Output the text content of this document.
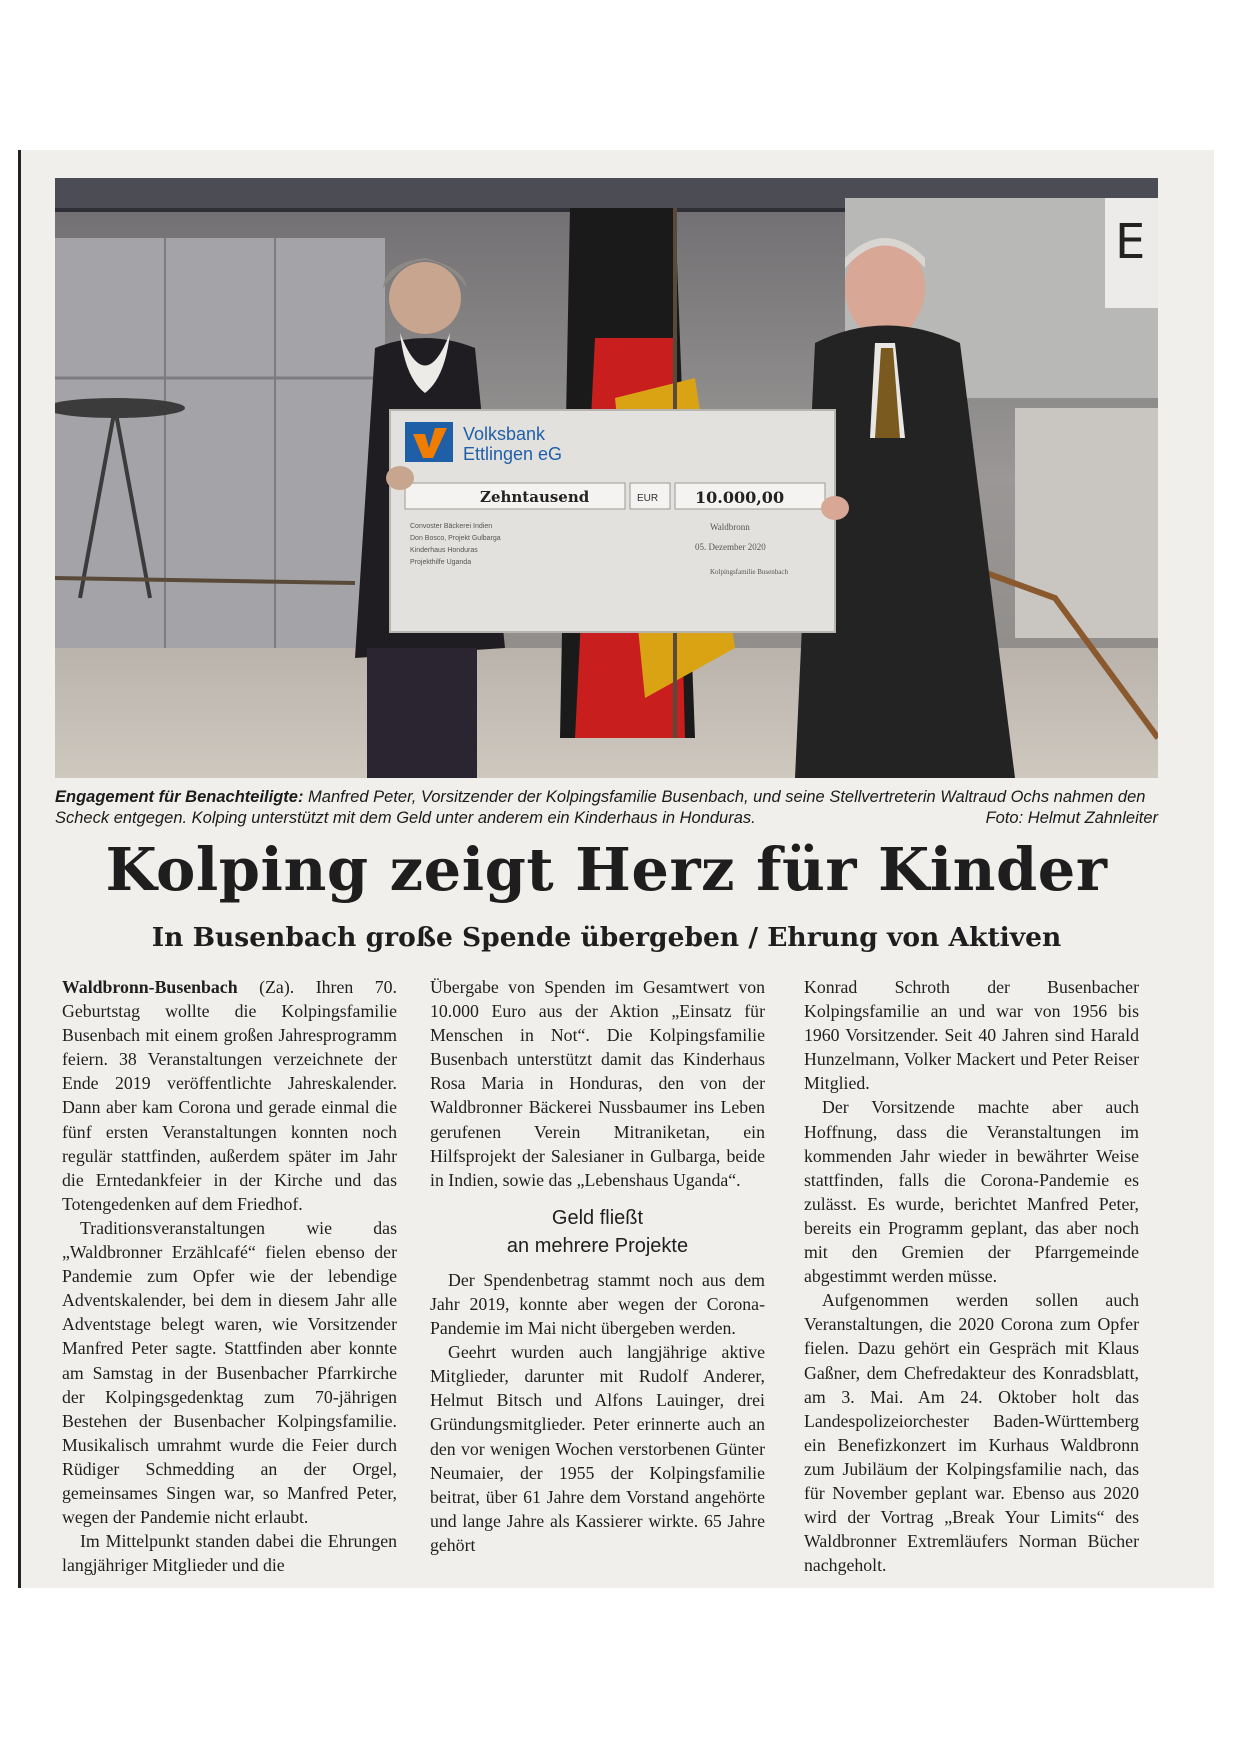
E
Volksbank
Ettlingen eG
Zehntausend	EUR 10.000,00
Convoster Bäckerei Indien
Don Bosco, Projekt Gulbarga
Kinderhaus Honduras
Projekthilfe Uganda
Waldbronn
05. Dezember 2020
Kolpingsfamilie Busenbach
Engagement für Benachteiligte: Manfred Peter, Vorsitzender der Kolpingsfamilie Busenbach, und seine Stellvertreterin Waltraud Ochs nahmen den Scheck entgegen. Kolping unterstützt mit dem Geld unter anderem ein Kinderhaus in Honduras.	Foto: Helmut Zahnleiter
Kolping zeigt Herz für Kinder
In Busenbach große Spende übergeben / Ehrung von Aktiven

Waldbronn-Busenbach (Za). Ihren 70. Geburtstag wollte die Kolpingsfamilie Busenbach mit einem großen Jahresprogramm feiern. 38 Veranstaltungen verzeichnete der Ende 2019 veröffentlichte Jahreskalender. Dann aber kam Corona und gerade einmal die fünf ersten Veranstaltungen konnten noch regulär stattfinden, außerdem später im Jahr die Erntedankfeier in der Kirche und das Totengedenken auf dem Friedhof.

Traditionsveranstaltungen wie das „Waldbronner Erzählcafé“ fielen ebenso der Pandemie zum Opfer wie der lebendige Adventskalender, bei dem in diesem Jahr alle Adventstage belegt waren, wie Vorsitzender Manfred Peter sagte. Stattfinden aber konnte am Samstag in der Busenbacher Pfarrkirche der Kolpingsgedenktag zum 70-jährigen Bestehen der Busenbacher Kolpingsfamilie. Musikalisch umrahmt wurde die Feier durch Rüdiger Schmedding an der Orgel, gemeinsames Singen war, so Manfred Peter, wegen der Pandemie nicht erlaubt.

Im Mittelpunkt standen dabei die Ehrungen langjähriger Mitglieder und die

Übergabe von Spenden im Gesamtwert von 10.000 Euro aus der Aktion „Einsatz für Menschen in Not“. Die Kolpingsfamilie Busenbach unterstützt damit das Kinderhaus Rosa Maria in Honduras, den von der Waldbronner Bäckerei Nussbaumer ins Leben gerufenen Verein Mitraniketan, ein Hilfsprojekt der Salesianer in Gulbarga, beide in Indien, sowie das „Lebenshaus Uganda“.

Geld fließt
an mehrere Projekte

Der Spendenbetrag stammt noch aus dem Jahr 2019, konnte aber wegen der Corona-Pandemie im Mai nicht übergeben werden.

Geehrt wurden auch langjährige aktive Mitglieder, darunter mit Rudolf Anderer, Helmut Bitsch und Alfons Lauinger, drei Gründungsmitglieder. Peter erinnerte auch an den vor wenigen Wochen verstorbenen Günter Neumaier, der 1955 der Kolpingsfamilie beitrat, über 61 Jahre dem Vorstand angehörte und lange Jahre als Kassierer wirkte. 65 Jahre gehört

Konrad Schroth der Busenbacher Kolpingsfamilie an und war von 1956 bis 1960 Vorsitzender. Seit 40 Jahren sind Harald Hunzelmann, Volker Mackert und Peter Reiser Mitglied.

Der Vorsitzende machte aber auch Hoffnung, dass die Veranstaltungen im kommenden Jahr wieder in bewährter Weise stattfinden, falls die Corona-Pandemie es zulässt. Es wurde, berichtet Manfred Peter, bereits ein Programm geplant, das aber noch mit den Gremien der Pfarrgemeinde abgestimmt werden müsse.

Aufgenommen werden sollen auch Veranstaltungen, die 2020 Corona zum Opfer fielen. Dazu gehört ein Gespräch mit Klaus Gaßner, dem Chefredakteur des Konradsblatt, am 3. Mai. Am 24. Oktober holt das Landespolizeiorchester Baden-Württemberg ein Benefizkonzert im Kurhaus Waldbronn zum Jubiläum der Kolpingsfamilie nach, das für November geplant war. Ebenso aus 2020 wird der Vortrag „Break Your Limits“ des Waldbronner Extremläufers Norman Bücher nachgeholt.
